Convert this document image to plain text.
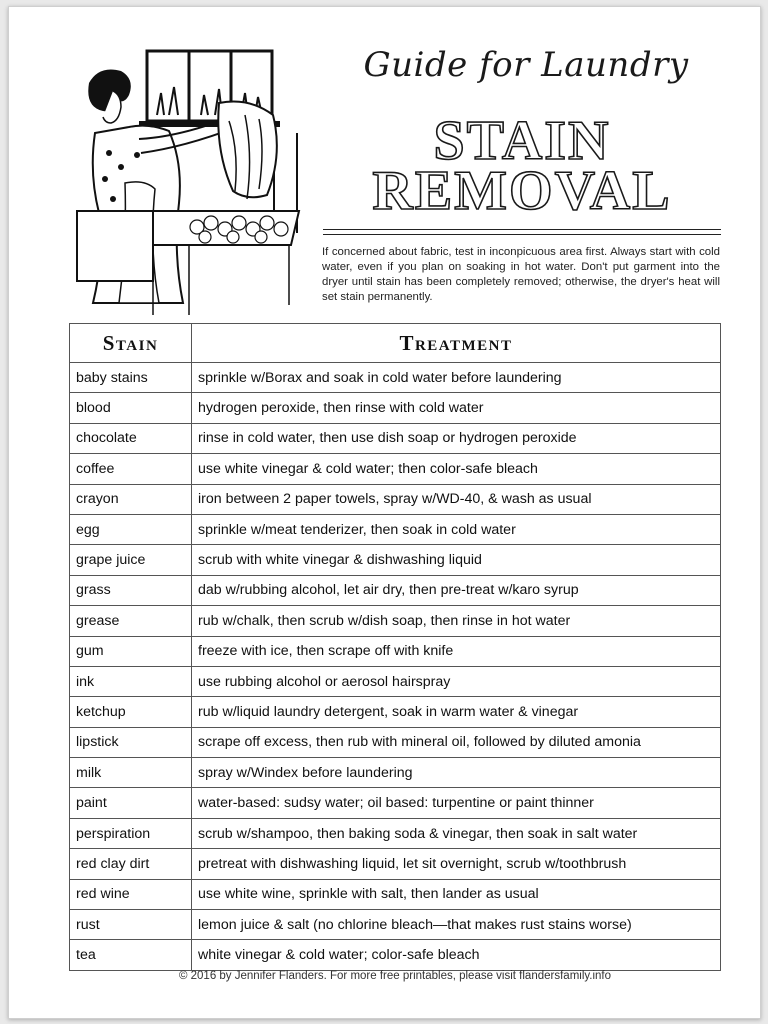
Guide for Laundry
STAIN
REMOVAL
If concerned about fabric, test in inconpicuous area first. Always start with cold water, even if you plan on soaking in hot water. Don't put garment into the dryer until stain has been completely removed; otherwise, the dryer's heat will set stain permanently.
Stain	Treatment
baby stains	sprinkle w/Borax and soak in cold water before laundering
blood	hydrogen peroxide, then rinse with cold water
chocolate	rinse in cold water, then use dish soap or hydrogen peroxide
coffee	use white vinegar & cold water; then color-safe bleach
crayon	iron between 2 paper towels, spray w/WD-40, & wash as usual
egg	sprinkle w/meat tenderizer, then soak in cold water
grape juice	scrub with white vinegar & dishwashing liquid
grass	dab w/rubbing alcohol, let air dry, then pre-treat w/karo syrup
grease	rub w/chalk, then scrub w/dish soap, then rinse in hot water
gum	freeze with ice, then scrape off with knife
ink	use rubbing alcohol or aerosol hairspray
ketchup	rub w/liquid laundry detergent, soak in warm water & vinegar
lipstick	scrape off excess, then rub with mineral oil, followed by diluted amonia
milk	spray w/Windex before laundering
paint	water-based: sudsy water; oil based: turpentine or paint thinner
perspiration	scrub w/shampoo, then baking soda & vinegar, then soak in salt water
red clay dirt	pretreat with dishwashing liquid, let sit overnight, scrub w/toothbrush
red wine	use white wine, sprinkle with salt, then lander as usual
rust	lemon juice & salt (no chlorine bleach—that makes rust stains worse)
tea	white vinegar & cold water; color-safe bleach
© 2016 by Jennifer Flanders. For more free printables, please visit flandersfamily.info
